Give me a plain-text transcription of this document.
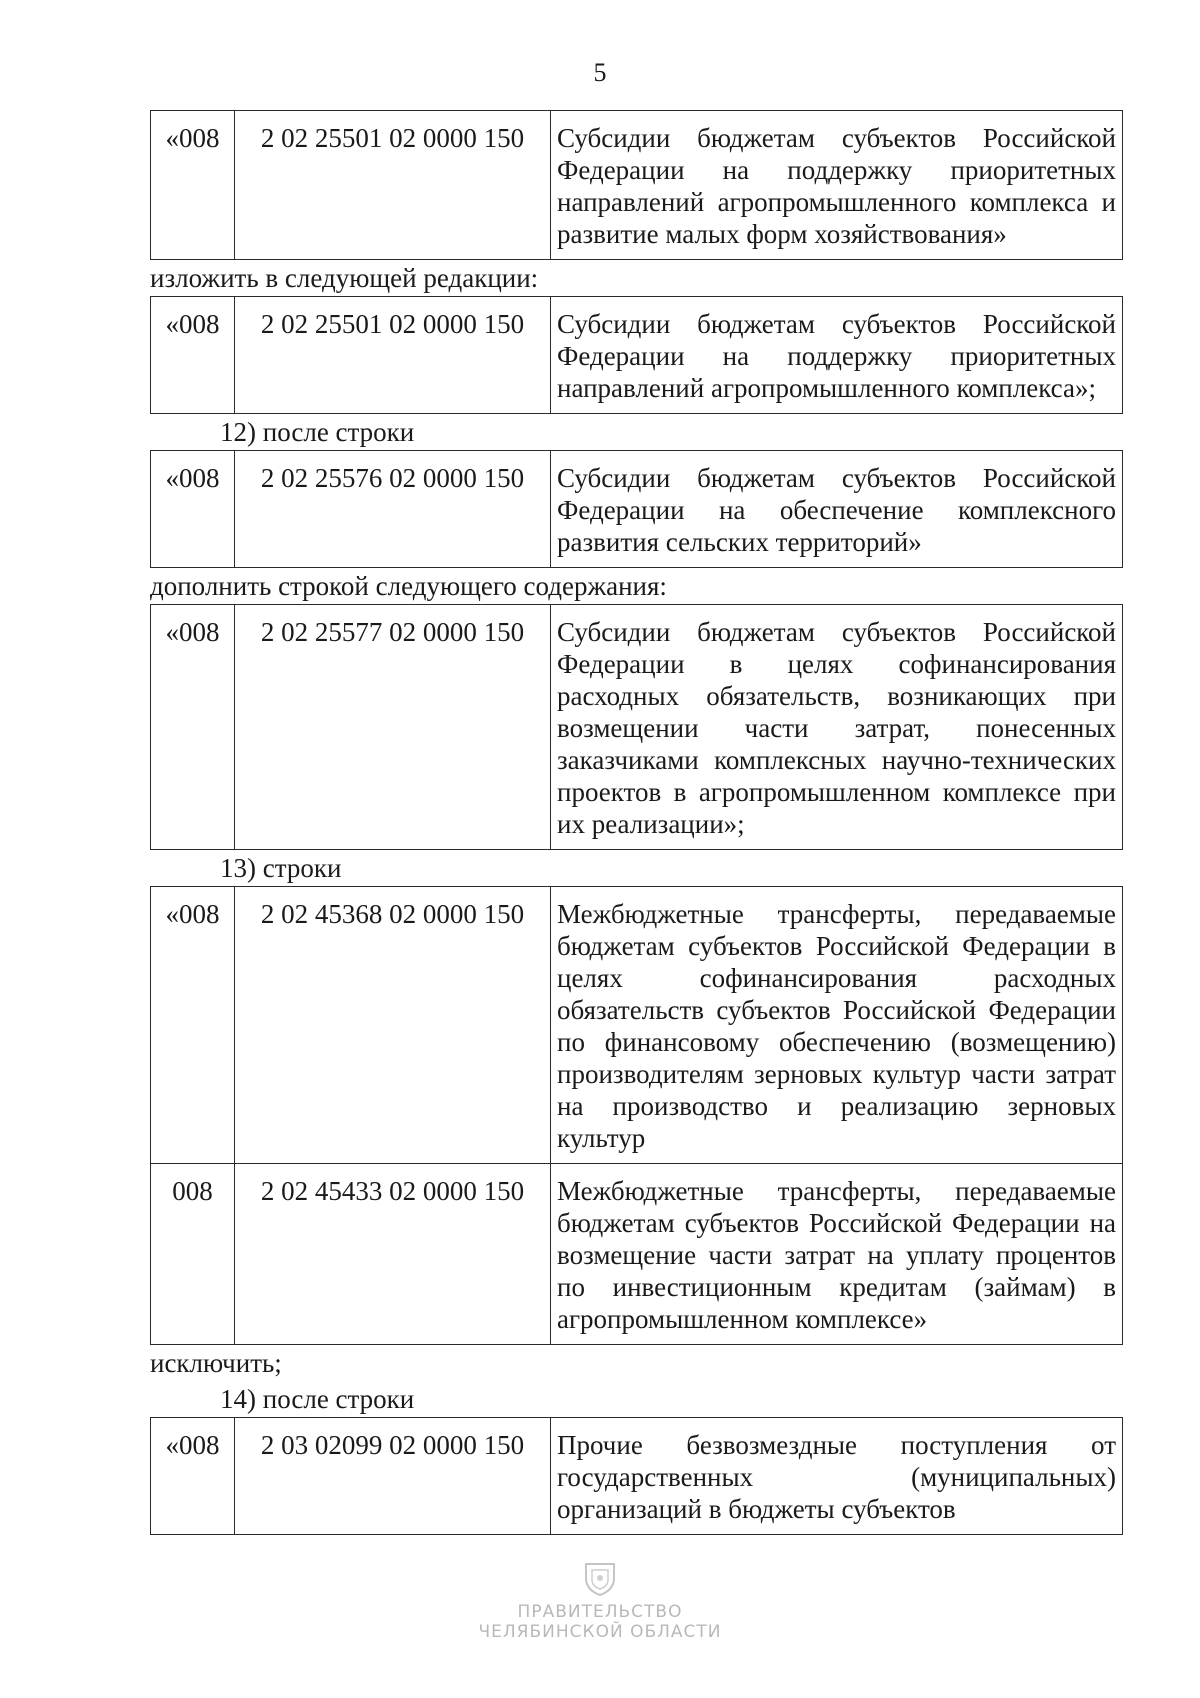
5
«008	2 02 25501 02 0000 150	Субсидии бюджетам субъектов Российской Федерации на поддержку приоритетных направлений агропромышленного комплекса и развитие малых форм хозяйствования»
изложить в следующей редакции:
«008	2 02 25501 02 0000 150	Субсидии бюджетам субъектов Российской Федерации на поддержку приоритетных направлений агропромышленного комплекса»;
12) после строки
«008	2 02 25576 02 0000 150	Субсидии бюджетам субъектов Российской Федерации на обеспечение комплексного развития сельских территорий»
дополнить строкой следующего содержания:
«008	2 02 25577 02 0000 150	Субсидии бюджетам субъектов Российской Федерации в целях софинансирования расходных обязательств, возникающих при возмещении части затрат, понесенных заказчиками комплексных научно-технических проектов в агропромышленном комплексе при их реализации»;
13) строки
«008	2 02 45368 02 0000 150	Межбюджетные трансферты, передаваемые бюджетам субъектов Российской Федерации в целях софинансирования расходных обязательств субъектов Российской Федерации по финансовому обеспечению (возмещению) производителям зерновых культур части затрат на производство и реализацию зерновых культур
008	2 02 45433 02 0000 150	Межбюджетные трансферты, передаваемые бюджетам субъектов Российской Федерации на возмещение части затрат на уплату процентов по инвестиционным кредитам (займам) в агропромышленном комплексе»
исключить;
14) после строки
«008	2 03 02099 02 0000 150	Прочие безвозмездные поступления от государственных (муниципальных) организаций в бюджеты субъектов
ПРАВИТЕЛЬСТВО
ЧЕЛЯБИНСКОЙ ОБЛАСТИ
